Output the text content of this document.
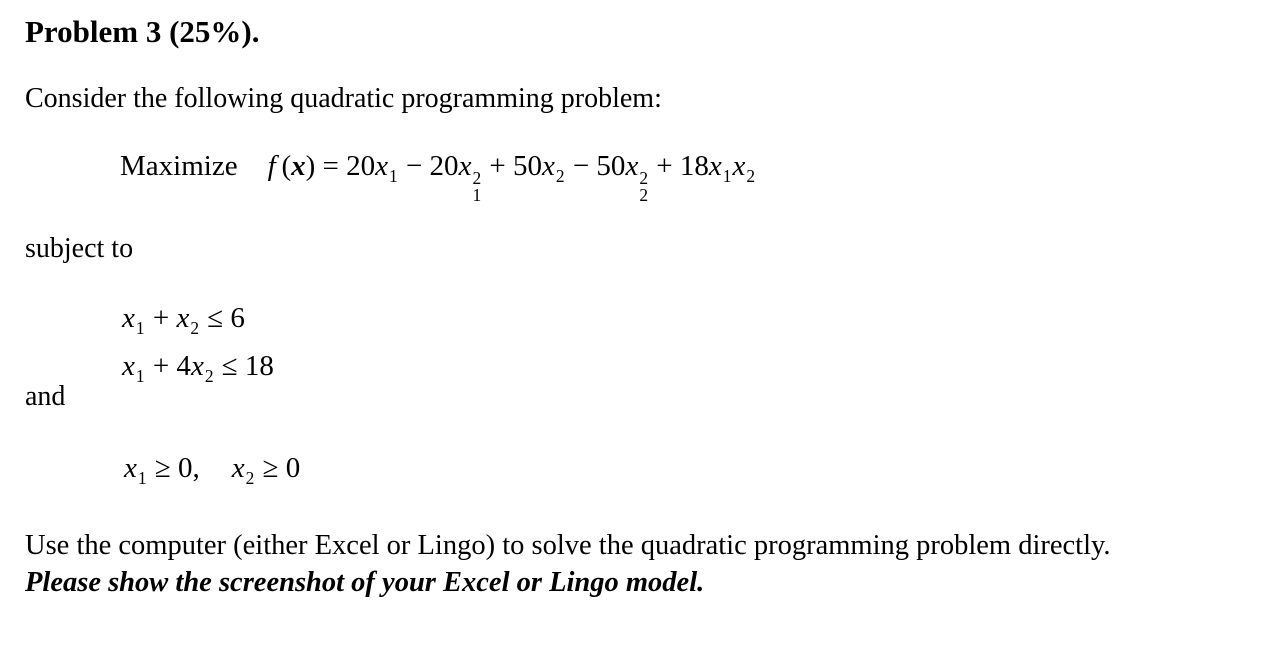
Problem 3 (25%).
Consider the following quadratic programming problem:
Maximize f $(x) = 20x_1 - 20x$ 2
1
+ $50x_2 - 50x$ 2
2
+ $18x_1x_2$
subject to
$x_1 + x_2 \le 6$
$x_1 + 4x_2 \le 18$
and
$x_1 \ge 0$, $x_2 \ge 0$
Use the computer (either Excel or Lingo) to solve the quadratic programming problem directly.
Please show the screenshot of your Excel or Lingo model.
